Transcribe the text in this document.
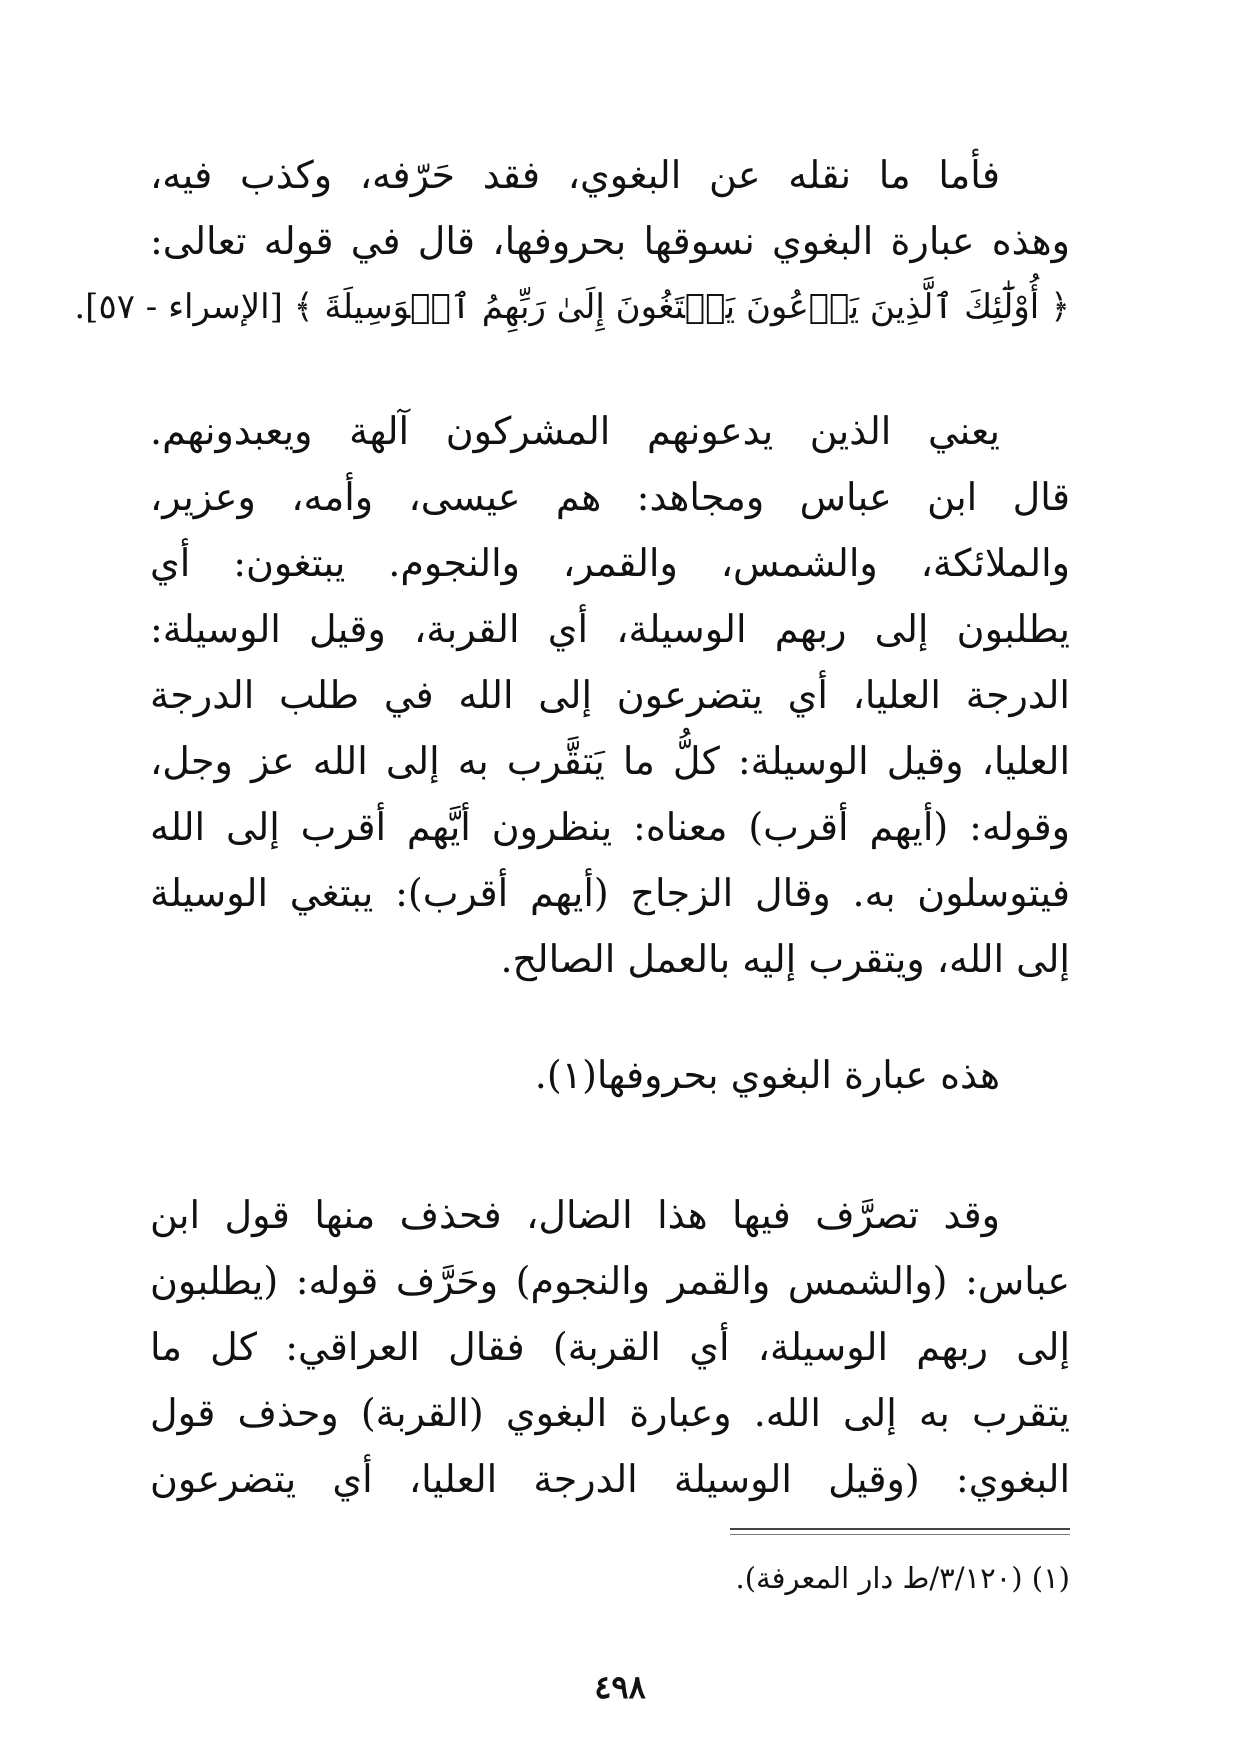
فأما ما نقله عن البغوي، فقد حَرّفه، وكذب فيه،
وهذه عبارة البغوي نسوقها بحروفها، قال في قوله تعالى:
﴿ أُوْلَٰٓئِكَ ٱلَّذِينَ يَدۡعُونَ يَبۡتَغُونَ إِلَىٰ رَبِّهِمُ ٱلۡوَسِيلَةَ ﴾ [الإسراء - ٥٧].
يعني الذين يدعونهم المشركون آلهة ويعبدونهم.
قال ابن عباس ومجاهد: هم عيسى، وأمه، وعزير،
والملائكة، والشمس، والقمر، والنجوم. يبتغون: أي
يطلبون إلى ربهم الوسيلة، أي القربة، وقيل الوسيلة:
الدرجة العليا، أي يتضرعون إلى الله في طلب الدرجة
العليا، وقيل الوسيلة: كلُّ ما يَتقَّرب به إلى الله عز وجل،
وقوله: (أيهم أقرب) معناه: ينظرون أيَّهم أقرب إلى الله
فيتوسلون به. وقال الزجاج (أيهم أقرب): يبتغي الوسيلة
إلى الله، ويتقرب إليه بالعمل الصالح.
هذه عبارة البغوي بحروفها(١).
وقد تصرَّف فيها هذا الضال، فحذف منها قول ابن
عباس: (والشمس والقمر والنجوم) وحَرَّف قوله: (يطلبون
إلى ربهم الوسيلة، أي القربة) فقال العراقي: كل ما
يتقرب به إلى الله. وعبارة البغوي (القربة) وحذف قول
البغوي: (وقيل الوسيلة الدرجة العليا، أي يتضرعون
(١) (٣/١٢٠/ط دار المعرفة).
٤٩٨
